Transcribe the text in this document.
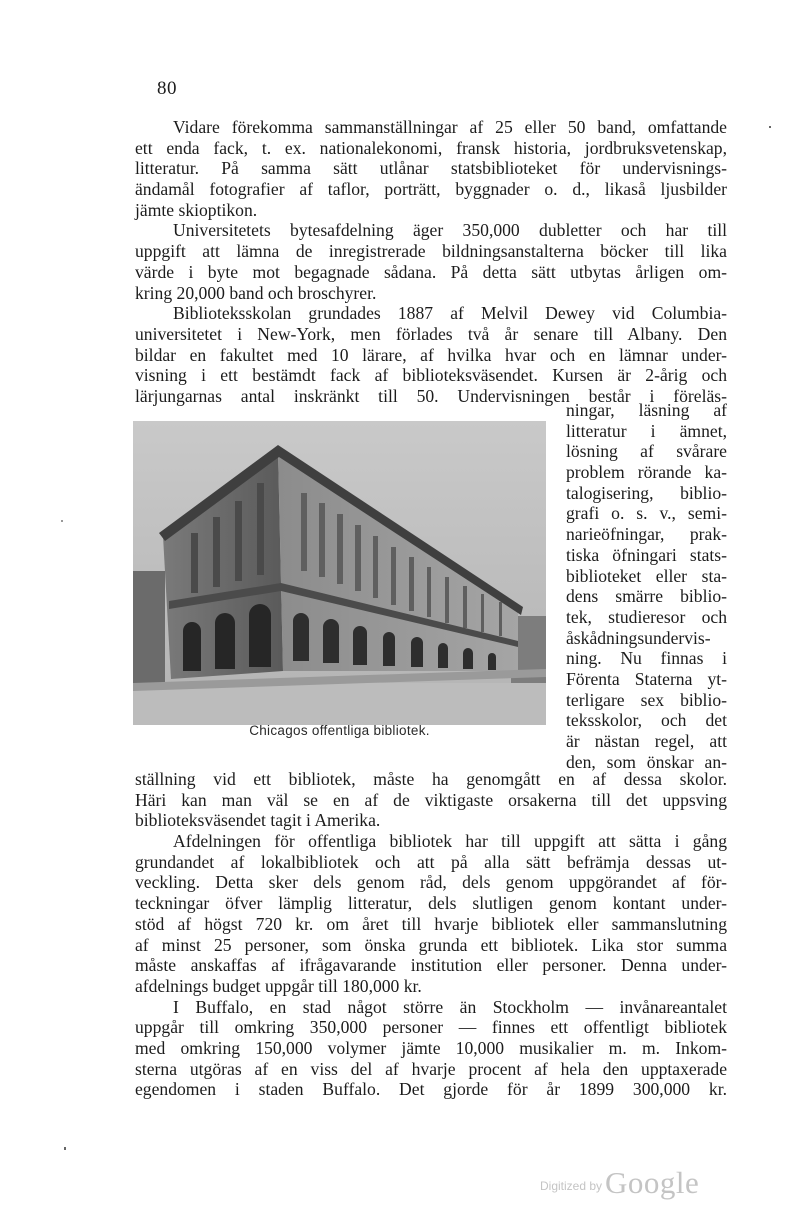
80
Vidare förekomma sammanställningar af 25 eller 50 band, omfattande
ett enda fack, t. ex. nationalekonomi, fransk historia, jordbruksvetenskap,
litteratur. På samma sätt utlånar statsbiblioteket för undervisnings-
ändamål fotografier af taflor, porträtt, byggnader o. d., likaså ljusbilder
jämte skioptikon.
Universitetets bytesafdelning äger 350,000 dubletter och har till
uppgift att lämna de inregistrerade bildningsanstalterna böcker till lika
värde i byte mot begagnade sådana. På detta sätt utbytas årligen om-
kring 20,000 band och broschyrer.
Biblioteksskolan grundades 1887 af Melvil Dewey vid Columbia-
universitetet i New-York, men förlades två år senare till Albany. Den
bildar en fakultet med 10 lärare, af hvilka hvar och en lämnar under-
visning i ett bestämdt fack af biblioteksväsendet. Kursen är 2-årig och
lärjungarnas antal inskränkt till 50. Undervisningen består i föreläs-
Chicagos offentliga bibliotek.
ningar, läsning af
litteratur i ämnet,
lösning af svårare
problem rörande ka-
talogisering, biblio-
grafi o. s. v., semi-
narieöfningar, prak-
tiska öfningari stats-
biblioteket eller sta-
dens smärre biblio-
tek, studieresor och
åskådningsundervis-
ning. Nu finnas i
Förenta Staterna yt-
terligare sex biblio-
teksskolor, och det
är nästan regel, att
den, som önskar an-
ställning vid ett bibliotek, måste ha genomgått en af dessa skolor.
Häri kan man väl se en af de viktigaste orsakerna till det uppsving
biblioteksväsendet tagit i Amerika.
Afdelningen för offentliga bibliotek har till uppgift att sätta i gång
grundandet af lokalbibliotek och att på alla sätt befrämja dessas ut-
veckling. Detta sker dels genom råd, dels genom uppgörandet af för-
teckningar öfver lämplig litteratur, dels slutligen genom kontant under-
stöd af högst 720 kr. om året till hvarje bibliotek eller sammanslutning
af minst 25 personer, som önska grunda ett bibliotek. Lika stor summa
måste anskaffas af ifrågavarande institution eller personer. Denna under-
afdelnings budget uppgår till 180,000 kr.
I Buffalo, en stad något större än Stockholm — invånareantalet
uppgår till omkring 350,000 personer — finnes ett offentligt bibliotek
med omkring 150,000 volymer jämte 10,000 musikalier m. m. Inkom-
sterna utgöras af en viss del af hvarje procent af hela den upptaxerade
egendomen i staden Buffalo. Det gjorde för år 1899 300,000 kr.
Digitized byGoogle
